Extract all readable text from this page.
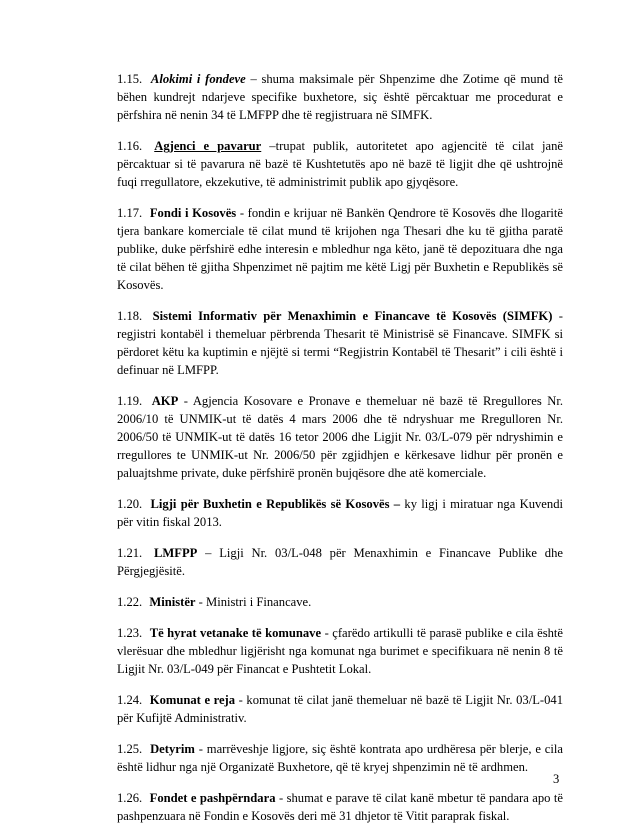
1.15. Alokimi i fondeve – shuma maksimale për Shpenzime dhe Zotime që mund të bëhen kundrejt ndarjeve specifike buxhetore, siç është përcaktuar me procedurat e përfshira në nenin 34 të LMFPP dhe të regjistruara në SIMFK.

1.16. Agjenci e pavarur –trupat publik, autoritetet apo agjencitë të cilat janë përcaktuar si të pavarura në bazë të Kushtetutës apo në bazë të ligjit dhe që ushtrojnë fuqi rregullatore, ekzekutive, të administrimit publik apo gjyqësore.

1.17. Fondi i Kosovës - fondin e krijuar në Bankën Qendrore të Kosovës dhe llogaritë tjera bankare komerciale të cilat mund të krijohen nga Thesari dhe ku të gjitha paratë publike, duke përfshirë edhe interesin e mbledhur nga këto, janë të depozituara dhe nga të cilat bëhen të gjitha Shpenzimet në pajtim me këtë Ligj për Buxhetin e Republikës së Kosovës.

1.18. Sistemi Informativ për Menaxhimin e Financave të Kosovës (SIMFK) -regjistri kontabël i themeluar përbrenda Thesarit të Ministrisë së Financave. SIMFK si përdoret këtu ka kuptimin e njëjtë si termi “Regjistrin Kontabël të Thesarit” i cili është i definuar në LMFPP.

1.19. AKP - Agjencia Kosovare e Pronave e themeluar në bazë të Rregullores Nr. 2006/10 të UNMIK-ut të datës 4 mars 2006 dhe të ndryshuar me Rregulloren Nr. 2006/50 të UNMIK-ut të datës 16 tetor 2006 dhe Ligjit Nr. 03/L-079 për ndryshimin e rregullores te UNMIK-ut Nr. 2006/50 për zgjidhjen e kërkesave lidhur për pronën e paluajtshme private, duke përfshirë pronën bujqësore dhe atë komerciale.

1.20. Ligji për Buxhetin e Republikës së Kosovës – ky ligj i miratuar nga Kuvendi për vitin fiskal 2013.

1.21. LMFPP – Ligji Nr. 03/L-048 për Menaxhimin e Financave Publike dhe Përgjegjësitë.

1.22. Ministër - Ministri i Financave.

1.23. Të hyrat vetanake të komunave - çfarëdo artikulli të parasë publike e cila është vlerësuar dhe mbledhur ligjërisht nga komunat nga burimet e specifikuara në nenin 8 të Ligjit Nr. 03/L-049 për Financat e Pushtetit Lokal.

1.24. Komunat e reja - komunat të cilat janë themeluar në bazë të Ligjit Nr. 03/L-041 për Kufijtë Administrativ.

1.25. Detyrim - marrëveshje ligjore, siç është kontrata apo urdhëresa për blerje, e cila është lidhur nga një Organizatë Buxhetore, që të kryej shpenzimin në të ardhmen.

1.26. Fondet e pashpërndara - shumat e parave të cilat kanë mbetur të pandara apo të pashpenzuara në Fondin e Kosovës deri më 31 dhjetor të Vitit paraprak fiskal.

3
